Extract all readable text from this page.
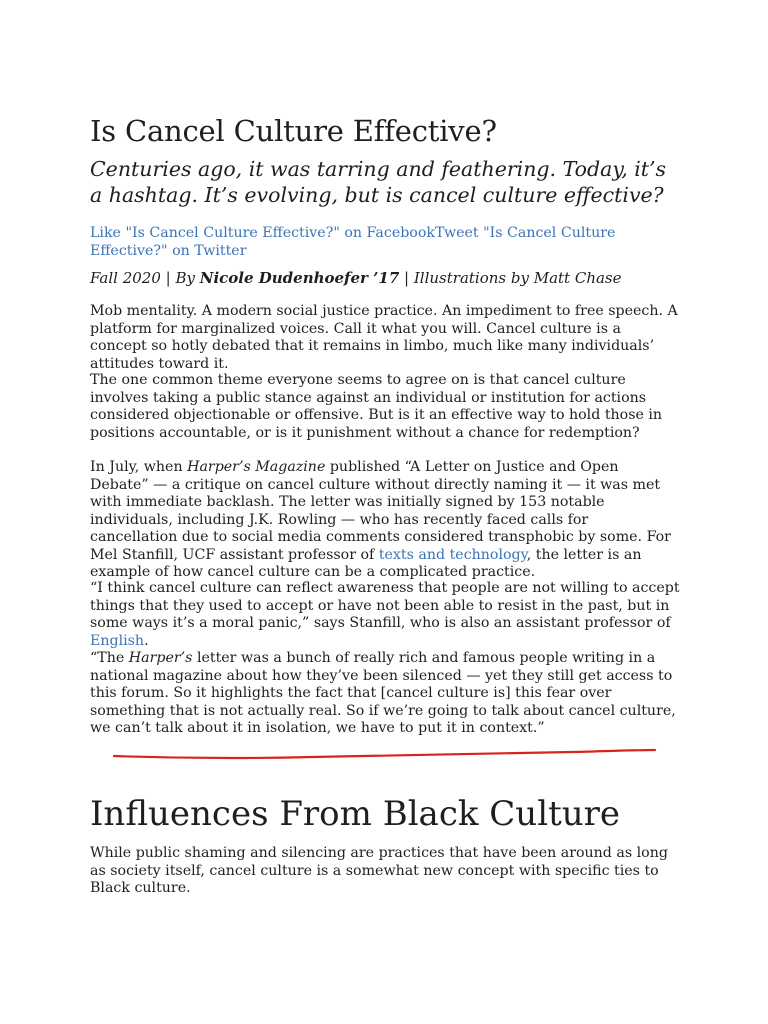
Is Cancel Culture Effective?

Centuries ago, it was tarring and feathering. Today, it’s a hashtag. It’s evolving, but is cancel culture effective?

Like "Is Cancel Culture Effective?" on FacebookTweet "Is Cancel Culture Effective?" on Twitter
Fall 2020 | By Nicole Dudenhoefer ’17 | Illustrations by Matt Chase

Mob mentality. A modern social justice practice. An impediment to free speech. A platform for marginalized voices. Call it what you will. Cancel culture is a concept so hotly debated that it remains in limbo, much like many individuals’ attitudes toward it.

The one common theme everyone seems to agree on is that cancel culture involves taking a public stance against an individual or institution for actions considered objectionable or offensive. But is it an effective way to hold those in positions accountable, or is it punishment without a chance for redemption?

In July, when Harper’s Magazine published “A Letter on Justice and Open Debate” — a critique on cancel culture without directly naming it — it was met with immediate backlash. The letter was initially signed by 153 notable individuals, including J.K. Rowling — who has recently faced calls for cancellation due to social media comments considered transphobic by some. For Mel Stanfill, UCF assistant professor of texts and technology, the letter is an example of how cancel culture can be a complicated practice.

“I think cancel culture can reflect awareness that people are not willing to accept things that they used to accept or have not been able to resist in the past, but in some ways it’s a moral panic,” says Stanfill, who is also an assistant professor of English.
“The Harper’s letter was a bunch of really rich and famous people writing in a national magazine about how they’ve been silenced — yet they still get access to this forum. So it highlights the fact that [cancel culture is] this fear over something that is not actually real. So if we’re going to talk about cancel culture, we can’t talk about it in isolation, we have to put it in context.”

Influences From Black Culture

While public shaming and silencing are practices that have been around as long as society itself, cancel culture is a somewhat new concept with specific ties to Black culture.
